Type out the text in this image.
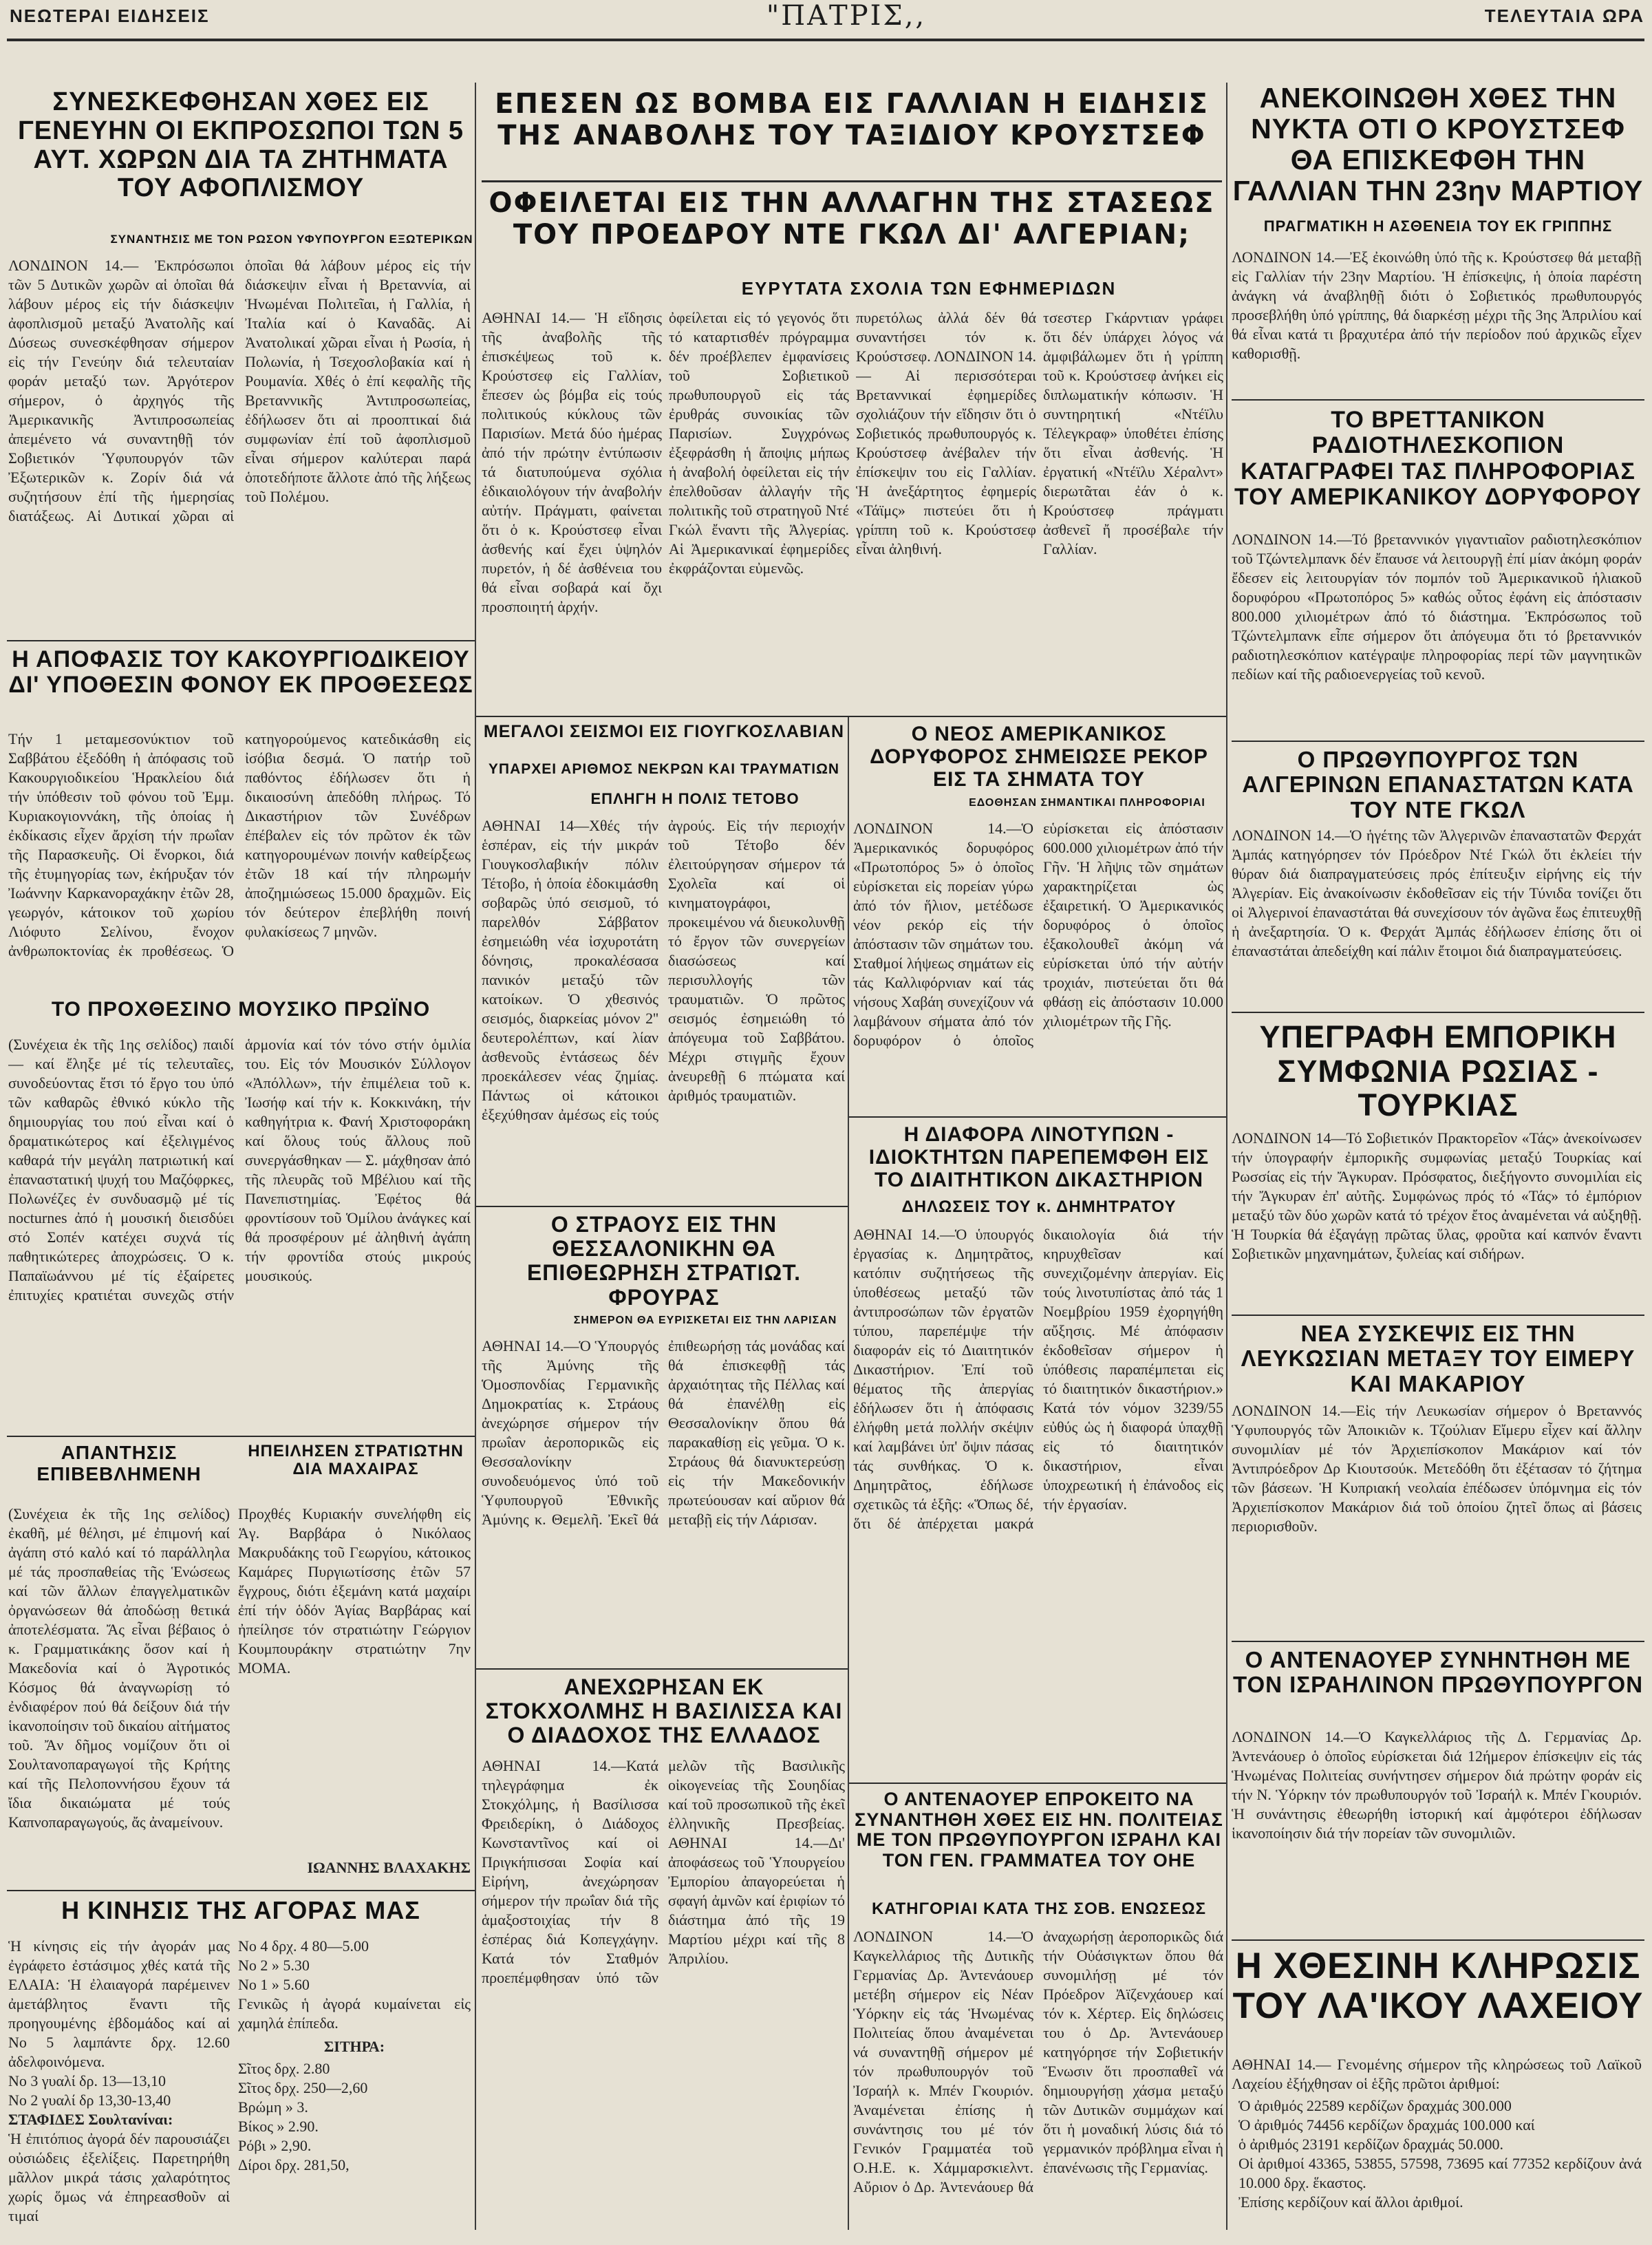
ΝΕΩΤΕΡΑΙ ΕΙΔΗΣΕΙΣ	"ΠΑΤΡΙΣ,,	ΤΕΛΕΥΤΑΙΑ ΩΡΑ
ΣΥΝΕΣΚΕΦΘΗΣΑΝ ΧΘΕΣ ΕΙΣ ΓΕΝΕΥΗΝ ΟΙ ΕΚΠΡΟΣΩΠΟΙ ΤΩΝ 5 ΑΥΤ. ΧΩΡΩΝ ΔΙΑ ΤΑ ΖΗΤΗΜΑΤΑ ΤΟΥ ΑΦΟΠΛΙΣΜΟΥ
ΣΥΝΑΝΤΗΣΙΣ ΜΕ ΤΟΝ ΡΩΣΟΝ ΥΦΥΠΟΥΡΓΟΝ ΕΞΩΤΕΡΙΚΩΝ
ΛΟΝΔΙΝΟΝ 14.— Ἐκπρόσωποι τῶν 5 Δυτικῶν χωρῶν αἱ ὁποῖαι θά λάβουν μέρος εἰς τήν διάσκεψιν ἀφοπλισμοῦ μεταξύ Ἀνατολῆς καί Δύσεως συνεσκέφθησαν σήμερον εἰς τήν Γενεύην διά τελευταίαν φοράν μεταξύ των. Ἀργότερον σήμερον, ὁ ἀρχηγός τῆς Ἀμερικανικῆς Ἀντιπροσωπείας ἀπεμένετο νά συναντηθῇ τόν Σοβιετικόν Ὑφυπουργόν τῶν Ἐξωτερικῶν κ. Ζορίν διά νά συζητήσουν ἐπί τῆς ἡμερησίας διατάξεως. Αἱ Δυτικαί χῶραι αἱ ὁποῖαι θά λάβουν μέρος εἰς τήν διάσκεψιν εἶναι ἡ Βρεταννία, αἱ Ἡνωμέναι Πολιτεῖαι, ἡ Γαλλία, ἡ Ἰταλία καί ὁ Καναδᾶς. Αἱ Ἀνατολικαί χῶραι εἶναι ἡ Ρωσία, ἡ Πολωνία, ἡ Τσεχοσλοβακία καί ἡ Ρουμανία. Χθές ὁ ἐπί κεφαλῆς τῆς Βρεταννικῆς Ἀντιπροσωπείας, ἐδήλωσεν ὅτι αἱ προοπτικαί διά συμφωνίαν ἐπί τοῦ ἀφοπλισμοῦ εἶναι σήμερον καλύτεραι παρά ὁποτεδήποτε ἄλλοτε ἀπό τῆς λήξεως τοῦ Πολέμου.
ΕΠΕΣΕΝ ΩΣ ΒΟΜΒΑ ΕΙΣ ΓΑΛΛΙΑΝ Η ΕΙΔΗΣΙΣ ΤΗΣ ΑΝΑΒΟΛΗΣ ΤΟΥ ΤΑΞΙΔΙΟΥ ΚΡΟΥΣΤΣΕΦ
ΟΦΕΙΛΕΤΑΙ ΕΙΣ ΤΗΝ ΑΛΛΑΓΗΝ ΤΗΣ ΣΤΑΣΕΩΣ ΤΟΥ ΠΡΟΕΔΡΟΥ ΝΤΕ ΓΚΩΛ ΔΙ' ΑΛΓΕΡΙΑΝ;
ΕΥΡΥΤΑΤΑ ΣΧΟΛΙΑ ΤΩΝ ΕΦΗΜΕΡΙΔΩΝ
ΑΘΗΝΑΙ 14.— Ἡ εἴδησις τῆς ἀναβολῆς τῆς ἐπισκέψεως τοῦ κ. Κρούστσεφ εἰς Γαλλίαν, ἔπεσεν ὡς βόμβα εἰς τούς πολιτικούς κύκλους τῶν Παρισίων. Μετά δύο ἡμέρας ἀπό τήν πρώτην ἐντύπωσιν τά διατυπούμενα σχόλια ἐδικαιολόγουν τήν ἀναβολήν αὐτήν. Πράγματι, φαίνεται ὅτι ὁ κ. Κρούστσεφ εἶναι ἀσθενής καί ἔχει ὑψηλόν πυρετόν, ἡ δέ ἀσθένεια του θά εἶναι σοβαρά καί ὄχι προσποιητή ἀρχήν.
ὀφείλεται εἰς τό γεγονός ὅτι τό καταρτισθέν πρόγραμμα δέν προέβλεπεν ἐμφανίσεις τοῦ Σοβιετικοῦ πρωθυπουργοῦ εἰς τάς ἐρυθράς συνοικίας τῶν Παρισίων. Συγχρόνως ἐξεφράσθη ἡ ἄποψις μήπως ἡ ἀναβολή ὀφείλεται εἰς τήν ἐπελθοῦσαν ἀλλαγήν τῆς πολιτικῆς τοῦ στρατηγοῦ Ντέ Γκώλ ἔναντι τῆς Ἀλγερίας. Αἱ Ἀμερικανικαί ἐφημερίδες ἐκφράζονται εὐμενῶς.
πυρετόλως ἀλλά δέν θά συναντήσει τόν κ. Κρούστσεφ. ΛΟΝΔΙΝΟΝ 14.— Αἱ περισσότεραι Βρεταννικαί ἐφημερίδες σχολιάζουν τήν εἴδησιν ὅτι ὁ Σοβιετικός πρωθυπουργός κ. Κρούστσεφ ἀνέβαλεν τήν ἐπίσκεψιν του εἰς Γαλλίαν. Ἡ ἀνεξάρτητος ἐφημερίς «Τάϊμς» πιστεύει ὅτι ἡ γρίππη τοῦ κ. Κρούστσεφ εἶναι ἀληθινή.
τσεστερ Γκάρντιαν γράφει ὅτι δέν ὑπάρχει λόγος νά ἀμφιβάλωμεν ὅτι ἡ γρίππη τοῦ κ. Κρούστσεφ ἀνήκει εἰς διπλωματικήν κόπωσιν. Ἡ συντηρητική «Ντέϊλυ Τέλεγκραφ» ὑποθέτει ἐπίσης ὅτι εἶναι ἀσθενής. Ἡ ἐργατική «Ντέϊλυ Χέραλντ» διερωτᾶται ἐάν ὁ κ. Κρούστσεφ πράγματι ἀσθενεῖ ἤ προσέβαλε τήν Γαλλίαν.
ΑΝΕΚΟΙΝΩΘΗ ΧΘΕΣ ΤΗΝ ΝΥΚΤΑ ΟΤΙ Ο ΚΡΟΥΣΤΣΕΦ ΘΑ ΕΠΙΣΚΕΦΘΗ ΤΗΝ ΓΑΛΛΙΑΝ ΤΗΝ 23ην ΜΑΡΤΙΟΥ
ΠΡΑΓΜΑΤΙΚΗ Η ΑΣΘΕΝΕΙΑ ΤΟΥ ΕΚ ΓΡΙΠΠΗΣ
ΛΟΝΔΙΝΟΝ 14.—Ἐξ ἐκοινώθη ὑπό τῆς κ. Κρούστσεφ θά μεταβῇ εἰς Γαλλίαν τήν 23ην Μαρτίου. Ἡ ἐπίσκεψις, ἡ ὁποία παρέστη ἀνάγκη νά ἀναβληθῇ διότι ὁ Σοβιετικός πρωθυπουργός προσεβλήθη ὑπό γρίππης, θά διαρκέσῃ μέχρι τῆς 3ης Ἀπριλίου καί θά εἶναι κατά τι βραχυτέρα ἀπό τήν περίοδον πού ἀρχικῶς εἶχεν καθορισθῇ.
ΤΟ ΒΡΕΤΤΑΝΙΚΟΝ ΡΑΔΙΟΤΗΛΕΣΚΟΠΙΟΝ ΚΑΤΑΓΡΑΦΕΙ ΤΑΣ ΠΛΗΡΟΦΟΡΙΑΣ ΤΟΥ ΑΜΕΡΙΚΑΝΙΚΟΥ ΔΟΡΥΦΟΡΟΥ
ΛΟΝΔΙΝΟΝ 14.—Τό βρεταννικόν γιγαντιαῖον ραδιοτηλεσκόπιον τοῦ Τζώντελμπανκ δέν ἔπαυσε νά λειτουργῇ ἐπί μίαν ἀκόμη φοράν ἔδεσεν εἰς λειτουργίαν τόν πομπόν τοῦ Ἀμερικανικοῦ ἡλιακοῦ δορυφόρου «Πρωτοπόρος 5» καθώς οὗτος ἐφάνη εἰς ἀπόστασιν 800.000 χιλιομέτρων ἀπό τό διάστημα. Ἐκπρόσωπος τοῦ Τζώντελμπανκ εἶπε σήμερον ὅτι ἀπόγευμα ὅτι τό βρεταννικόν ραδιοτηλεσκόπιον κατέγραψε πληροφορίας περί τῶν μαγνητικῶν πεδίων καί τῆς ραδιοενεργείας τοῦ κενοῦ.
Ο ΠΡΩΘΥΠΟΥΡΓΟΣ ΤΩΝ ΑΛΓΕΡΙΝΩΝ ΕΠΑΝΑΣΤΑΤΩΝ ΚΑΤΑ ΤΟΥ ΝΤΕ ΓΚΩΛ
ΛΟΝΔΙΝΟΝ 14.—Ὁ ἡγέτης τῶν Ἀλγερινῶν ἐπαναστατῶν Φερχάτ Ἀμπάς κατηγόρησεν τόν Πρόεδρον Ντέ Γκώλ ὅτι ἐκλείει τήν θύραν διά διαπραγματεύσεις πρός ἐπίτευξιν εἰρήνης εἰς τήν Ἀλγερίαν. Εἰς ἀνακοίνωσιν ἐκδοθεῖσαν εἰς τήν Τύνιδα τονίζει ὅτι οἱ Ἀλγερινοί ἐπαναστάται θά συνεχίσουν τόν ἀγῶνα ἕως ἐπιτευχθῇ ἡ ἀνεξαρτησία. Ὁ κ. Φερχάτ Ἀμπάς ἐδήλωσεν ἐπίσης ὅτι οἱ ἐπαναστάται ἀπεδείχθη καί πάλιν ἔτοιμοι διά διαπραγματεύσεις.
ΥΠΕΓΡΑΦΗ ΕΜΠΟΡΙΚΗ ΣΥΜΦΩΝΙΑ ΡΩΣΙΑΣ - ΤΟΥΡΚΙΑΣ
ΛΟΝΔΙΝΟΝ 14—Τό Σοβιετικόν Πρακτορεῖον «Τάς» ἀνεκοίνωσεν τήν ὑπογραφήν ἐμπορικῆς συμφωνίας μεταξύ Τουρκίας καί Ρωσσίας εἰς τήν Ἄγκυραν. Πρόσφατος, διεξήγοντο συνομιλίαι εἰς τήν Ἄγκυραν ἐπ' αὐτῆς. Συμφώνως πρός τό «Τάς» τό ἐμπόριον μεταξύ τῶν δύο χωρῶν κατά τό τρέχον ἔτος ἀναμένεται νά αὐξηθῇ. Ἡ Τουρκία θά ἐξαγάγῃ πρῶτας ὕλας, φροῦτα καί καπνόν ἔναντι Σοβιετικῶν μηχανημάτων, ξυλείας καί σιδήρων.
ΝΕΑ ΣΥΣΚΕΨΙΣ ΕΙΣ ΤΗΝ ΛΕΥΚΩΣΙΑΝ ΜΕΤΑΞΥ ΤΟΥ ΕΙΜΕΡΥ ΚΑΙ ΜΑΚΑΡΙΟΥ
ΛΟΝΔΙΝΟΝ 14.—Εἰς τήν Λευκωσίαν σήμερον ὁ Βρεταννός Ὑφυπουργός τῶν Ἀποικιῶν κ. Τζούλιαν Εἴμερυ εἶχεν καί ἄλλην συνομιλίαν μέ τόν Ἀρχιεπίσκοπον Μακάριον καί τόν Ἀντιπρόεδρον Δρ Κιουτσούκ. Μετεδόθη ὅτι ἐξέτασαν τό ζήτημα τῶν βάσεων. Ἡ Κυπριακή νεολαία ἐπέδωσεν ὑπόμνημα εἰς τόν Ἀρχιεπίσκοπον Μακάριον διά τοῦ ὁποίου ζητεῖ ὅπως αἱ βάσεις περιορισθοῦν.
Ο ΑΝΤΕΝΑΟΥΕΡ ΣΥΝΗΝΤΗΘΗ ΜΕ ΤΟΝ ΙΣΡΑΗΛΙΝΟΝ ΠΡΩΘΥΠΟΥΡΓΟΝ
ΛΟΝΔΙΝΟΝ 14.—Ὁ Καγκελλάριος τῆς Δ. Γερμανίας Δρ. Ἀντενάουερ ὁ ὁποῖος εὑρίσκεται διά 12ήμερον ἐπίσκεψιν εἰς τάς Ἡνωμένας Πολιτείας συνήντησεν σήμερον διά πρώτην φοράν εἰς τήν Ν. Ὑόρκην τόν πρωθυπουργόν τοῦ Ἰσραήλ κ. Μπέν Γκουριόν. Ἡ συνάντησις ἐθεωρήθη ἱστορική καί ἀμφότεροι ἐδήλωσαν ἱκανοποίησιν διά τήν πορείαν τῶν συνομιλιῶν.
Η ΧΘΕΣΙΝΗ ΚΛΗΡΩΣΙΣ ΤΟΥ ΛΑ'ΙΚΟΥ ΛΑΧΕΙΟΥ
ΑΘΗΝΑΙ 14.— Γενομένης σήμερον τῆς κληρώσεως τοῦ Λαϊκοῦ Λαχείου ἐξήχθησαν οἱ ἑξῆς πρῶτοι ἀριθμοί:
Ὁ ἀριθμός 22589 κερδίζων δραχμάς 300.000
Ὁ ἀριθμός 74456 κερδίζων δραχμάς 100.000 καί
ὁ ἀριθμός 23191 κερδίζων δραχμάς 50.000.
Οἱ ἀριθμοί 43365, 53855, 57598, 73695 καί 77352 κερδίζουν ἀνά 10.000 δρχ. ἕκαστος.
Ἐπίσης κερδίζουν καί ἄλλοι ἀριθμοί.
Η ΑΠΟΦΑΣΙΣ ΤΟΥ ΚΑΚΟΥΡΓΙΟΔΙΚΕΙΟΥ ΔΙ' ΥΠΟΘΕΣΙΝ ΦΟΝΟΥ ΕΚ ΠΡΟΘΕΣΕΩΣ
Τήν 1 μεταμεσονύκτιον τοῦ Σαββάτου ἐξεδόθη ἡ ἀπόφασις τοῦ Κακουργιοδικείου Ἡρακλείου διά τήν ὑπόθεσιν τοῦ φόνου τοῦ Ἐμμ. Κυριακογιοννάκη, τῆς ὁποίας ἡ ἐκδίκασις εἶχεν ἄρχίση τήν πρωΐαν τῆς Παρασκευῆς. Οἱ ἔνορκοι, διά τῆς ἐτυμηγορίας των, ἐκήρυξαν τόν Ἰωάννην Καρκανοραχάκην ἐτῶν 28, γεωργόν, κάτοικον τοῦ χωρίου Λιόφυτο Σελίνου, ἔνοχον ἀνθρωποκτονίας ἐκ προθέσεως. Ὁ κατηγορούμενος κατεδικάσθη εἰς ἰσόβια δεσμά. Ὁ πατήρ τοῦ παθόντος ἐδήλωσεν ὅτι ἡ δικαιοσύνη ἀπεδόθη πλήρως. Τό Δικαστήριον τῶν Συνέδρων ἐπέβαλεν εἰς τόν πρῶτον ἐκ τῶν κατηγορουμένων ποινήν καθείρξεως ἐτῶν 18 καί τήν πληρωμήν ἀποζημιώσεως 15.000 δραχμῶν. Εἰς τόν δεύτερον ἐπεβλήθη ποινή φυλακίσεως 7 μηνῶν.
ΤΟ ΠΡΟΧΘΕΣΙΝΟ ΜΟΥΣΙΚΟ ΠΡΩΪΝΟ
(Συνέχεια ἐκ τῆς 1ης σελίδος) παιδί — καί ἔληξε μέ τίς τελευταῖες, συνοδεύοντας ἔτσι τό ἔργο του ὑπό τῶν καθαρῶς ἐθνικό κύκλο τῆς δημιουργίας του πού εἶναι καί ὁ δραματικώτερος καί ἐξελιγμένος καθαρά τήν μεγάλη πατριωτική καί ἐπαναστατική ψυχή του Μαζόφρκες, Πολωνέζες ἐν συνδυασμῷ μέ τίς nocturnes ἀπό ἡ μουσική διεισδύει στό Σοπέν κατέχει συχνά τίς παθητικώτερες ἀποχρώσεις. Ὁ κ. Παπαϊωάννου μέ τίς ἐξαίρετες ἐπιτυχίες κρατιέται συνεχῶς στήν ἁρμονία καί τόν τόνο στήν ὁμιλία του. Εἰς τόν Μουσικόν Σύλλογον «Ἀπόλλων», τήν ἐπιμέλεια τοῦ κ. Ἰωσήφ καί τήν κ. Κοκκινάκη, τήν καθηγήτρια κ. Φανή Χριστοφοράκη καί ὅλους τούς ἄλλους ποῦ συνεργάσθηκαν — Σ. μάχθησαν ἀπό τῆς πλευρᾶς τοῦ Μβέλιου καί τῆς Πανεπιστημίας. Ἐφέτος θά φροντίσουν τοῦ Ὁμίλου ἀνάγκες καί θά προσφέρουν μέ ἀληθινή ἀγάπη τήν φροντίδα στούς μικρούς μουσικούς.
ΑΠΑΝΤΗΣΙΣ ΕΠΙΒΕΒΛΗΜΕΝΗ
(Συνέχεια ἐκ τῆς 1ης σελίδος) ἐκαθῆ, μέ θέλησι, μέ ἐπιμονή καί ἀγάπη στό καλό καί τό παράλληλα μέ τάς προσπαθείας τῆς Ἑνώσεως καί τῶν ἄλλων ἐπαγγελματικῶν ὀργανώσεων θά ἀποδώσῃ θετικά ἀποτελέσματα. Ἄς εἶναι βέβαιος ὁ κ. Γραμματικάκης ὅσον καί ἡ Μακεδονία καί ὁ Ἀγροτικός Κόσμος θά ἀναγνωρίσῃ τό ἐνδιαφέρον πού θά δείξουν διά τήν ἱκανοποίησιν τοῦ δικαίου αἰτήματος τοῦ. Ἄν δῆμος νομίζουν ὅτι οἱ Σουλτανοπαραγωγοί τῆς Κρήτης καί τῆς Πελοποννήσου ἔχουν τά ἴδια δικαιώματα μέ τούς Καπνοπαραγωγούς, ἄς ἀναμείνουν.
ΗΠΕΙΛΗΣΕΝ ΣΤΡΑΤΙΩΤΗΝ ΔΙΑ ΜΑΧΑΙΡΑΣ
Προχθές Κυριακήν συνελήφθη εἰς Ἁγ. Βαρβάρα ὁ Νικόλαος Μακρυδάκης τοῦ Γεωργίου, κάτοικος Καμάρες Πυργιωτίσσης ἐτῶν 57 ἔγχρους, διότι ἐξεμάνη κατά μαχαίρι ἐπί τήν ὁδόν Ἁγίας Βαρβάρας καί ἠπείλησε τόν στρατιώτην Γεώργιον Κουμπουράκην στρατιώτην 7ην ΜΟΜΑ.
ΙΩΑΝΝΗΣ ΒΛΑΧΑΚΗΣ
Η ΚΙΝΗΣΙΣ ΤΗΣ ΑΓΟΡΑΣ ΜΑΣ
Ἡ κίνησις εἰς τήν ἀγοράν μας ἐγράφετο ἐστάσιμος χθές κατά τῆς
ΕΛΑΙΑ: Ἡ ἐλαιαγορά παρέμεινεν ἀμετάβλητος ἔναντι τῆς προηγουμένης ἑβδομάδος καί αἱ
Νο 5 λαμπάντε δρχ. 12.60 ἀδελφοινόμενα.
Νο 3 γυαλί δρ. 13—13,10
Νο 2 γυαλί δρ 13,30-13,40
ΣΤΑΦΙΔΕΣ Σουλτανίναι:
Ἡ ἐπιτόπιος ἀγορά δέν παρουσιάζει οὐσιώδεις ἐξελίξεις. Παρετηρήθη μᾶλλον μικρά τάσις χαλαρότητος χωρίς ὅμως νά ἐπηρεασθοῦν αἱ τιμαί
Νο 4 δρχ. 4 80—5.00
Νο 2 » 5.30
Νο 1 » 5.60
Γενικῶς ἡ ἀγορά κυμαίνεται εἰς χαμηλά ἐπίπεδα.
ΣΙΤΗΡΑ:
Σῖτος δρχ. 2.80
Σῖτος δρχ. 250—2,60
Βρώμη » 3.
Βίκος » 2.90.
Ρόβι » 2,90.
Δίροι δρχ. 281,50,
ΜΕΓΑΛΟΙ ΣΕΙΣΜΟΙ ΕΙΣ ΓΙΟΥΓΚΟΣΛΑΒΙΑΝ
ΥΠΑΡΧΕΙ ΑΡΙΘΜΟΣ ΝΕΚΡΩΝ ΚΑΙ ΤΡΑΥΜΑΤΙΩΝ
ΕΠΛΗΓΗ Η ΠΟΛΙΣ ΤΕΤΟΒΟ
ΑΘΗΝΑΙ 14—Χθές τήν ἑσπέραν, εἰς τήν μικράν Γιουγκοσλαβικήν πόλιν Τέτοβο, ἡ ὁποία ἐδοκιμάσθη σοβαρῶς ὑπό σεισμοῦ, τό παρελθόν Σάββατον ἐσημειώθη νέα ἰσχυροτάτη δόνησις, προκαλέσασα πανικόν μεταξύ τῶν κατοίκων. Ὁ χθεσινός σεισμός, διαρκείας μόνον 2'' δευτερολέπτων, καί λίαν ἀσθενοῦς ἐντάσεως δέν προεκάλεσεν νέας ζημίας. Πάντως οἱ κάτοικοι ἐξεχύθησαν ἀμέσως εἰς τούς ἀγρούς. Εἰς τήν περιοχήν τοῦ Τέτοβο δέν ἐλειτούργησαν σήμερον τά Σχολεῖα καί οἱ κινηματογράφοι, προκειμένου νά διευκολυνθῇ τό ἔργον τῶν συνεργείων διασώσεως καί περισυλλογής τῶν τραυματιῶν. Ὁ πρῶτος σεισμός ἐσημειώθη τό ἀπόγευμα τοῦ Σαββάτου. Μέχρι στιγμῆς ἔχουν ἀνευρεθῇ 6 πτώματα καί ἀριθμός τραυματιῶν.
Ο ΣΤΡΑΟΥΣ ΕΙΣ ΤΗΝ ΘΕΣΣΑΛΟΝΙΚΗΝ ΘΑ ΕΠΙΘΕΩΡΗΣΗ ΣΤΡΑΤΙΩΤ. ΦΡΟΥΡΑΣ
ΣΗΜΕΡΟΝ ΘΑ ΕΥΡΙΣΚΕΤΑΙ ΕΙΣ ΤΗΝ ΛΑΡΙΣΑΝ
ΑΘΗΝΑΙ 14.—Ὁ Ὑπουργός τῆς Ἀμύνης τῆς Ὁμοσπονδίας Γερμανικῆς Δημοκρατίας κ. Στράους ἀνεχώρησε σήμερον τήν πρωΐαν ἀεροπορικῶς εἰς Θεσσαλονίκην συνοδευόμενος ὑπό τοῦ Ὑφυπουργοῦ Ἐθνικῆς Ἀμύνης κ. Θεμελῆ. Ἐκεῖ θά ἐπιθεωρήσῃ τάς μονάδας καί θά ἐπισκεφθῇ τάς ἀρχαιότητας τῆς Πέλλας καί θά ἐπανέλθῃ εἰς Θεσσαλονίκην ὅπου θά παρακαθίσῃ εἰς γεῦμα. Ὁ κ. Στράους θά διανυκτερεύσῃ εἰς τήν Μακεδονικήν πρωτεύουσαν καί αὔριον θά μεταβῇ εἰς τήν Λάρισαν.
ΑΝΕΧΩΡΗΣΑΝ ΕΚ ΣΤΟΚΧΟΛΜΗΣ Η ΒΑΣΙΛΙΣΣΑ ΚΑΙ Ο ΔΙΑΔΟΧΟΣ ΤΗΣ ΕΛΛΑΔΟΣ
ΑΘΗΝΑΙ 14.—Κατά τηλεγράφημα ἐκ Στοκχόλμης, ἡ Βασίλισσα Φρειδερίκη, ὁ Διάδοχος Κωνσταντῖνος καί οἱ Πριγκήπισσαι Σοφία καί Εἰρήνη, ἀνεχώρησαν σήμερον τήν πρωΐαν διά τῆς ἁμαξοστοιχίας τήν 8 ἐσπέρας διά Κοπεγχάγην. Κατά τόν Σταθμόν προεπέμφθησαν ὑπό τῶν μελῶν τῆς Βασιλικῆς οἰκογενείας τῆς Σουηδίας καί τοῦ προσωπικοῦ τῆς ἐκεῖ ἑλληνικῆς Πρεσβείας. ΑΘΗΝΑΙ 14.—Δι' ἀποφάσεως τοῦ Ὑπουργείου Ἐμπορίου ἀπαγορεύεται ἡ σφαγή ἀμνῶν καί ἐριφίων τό διάστημα ἀπό τῆς 19 Μαρτίου μέχρι καί τῆς 8 Ἀπριλίου.
Ο ΝΕΟΣ ΑΜΕΡΙΚΑΝΙΚΟΣ ΔΟΡΥΦΟΡΟΣ ΣΗΜΕΙΩΣΕ ΡΕΚΟΡ ΕΙΣ ΤΑ ΣΗΜΑΤΑ ΤΟΥ
ΕΔΟΘΗΣΑΝ ΣΗΜΑΝΤΙΚΑΙ ΠΛΗΡΟΦΟΡΙΑΙ
ΛΟΝΔΙΝΟΝ 14.—Ὁ Ἀμερικανικός δορυφόρος «Πρωτοπόρος 5» ὁ ὁποῖος εὑρίσκεται εἰς πορείαν γύρω ἀπό τόν ἥλιον, μετέδωσε νέον ρεκόρ εἰς τήν ἀπόστασιν τῶν σημάτων του. Σταθμοί λήψεως σημάτων εἰς τάς Καλλιφόρνιαν καί τάς νήσους Χαβάη συνεχίζουν νά λαμβάνουν σήματα ἀπό τόν δορυφόρον ὁ ὁποῖος εὑρίσκεται εἰς ἀπόστασιν 600.000 χιλιομέτρων ἀπό τήν Γῆν. Ἡ λῆψις τῶν σημάτων χαρακτηρίζεται ὡς ἐξαιρετική. Ὁ Ἀμερικανικός δορυφόρος ὁ ὁποῖος ἐξακολουθεῖ ἀκόμη νά εὑρίσκεται ὑπό τήν αὐτήν τροχιάν, πιστεύεται ὅτι θά φθάσῃ εἰς ἀπόστασιν 10.000 χιλιομέτρων τῆς Γῆς.
Η ΔΙΑΦΟΡΑ ΛΙΝΟΤΥΠΩΝ - ΙΔΙΟΚΤΗΤΩΝ ΠΑΡΕΠΕΜΦΘΗ ΕΙΣ ΤΟ ΔΙΑΙΤΗΤΙΚΟΝ ΔΙΚΑΣΤΗΡΙΟΝ
ΔΗΛΩΣΕΙΣ ΤΟΥ κ. ΔΗΜΗΤΡΑΤΟΥ
ΑΘΗΝΑΙ 14.—Ὁ ὑπουργός ἐργασίας κ. Δημητρᾶτος, κατόπιν συζητήσεως τῆς ὑποθέσεως μεταξύ τῶν ἀντιπροσώπων τῶν ἐργατῶν τύπου, παρεπέμψε τήν διαφοράν εἰς τό Διαιτητικόν Δικαστήριον. Ἐπί τοῦ θέματος τῆς ἀπεργίας ἐδήλωσεν ὅτι ἡ ἀπόφασις ἐλήφθη μετά πολλήν σκέψιν καί λαμβάνει ὑπ' ὄψιν πάσας τάς συνθήκας. Ὁ κ. Δημητρᾶτος, ἐδήλωσε σχετικῶς τά ἑξῆς: «Ὅπως δέ, ὅτι δέ ἀπέρχεται μακρά δικαιολογία διά τήν κηρυχθεῖσαν καί συνεχιζομένην ἀπεργίαν. Εἰς τούς λινοτυπίστας ἀπό τάς 1 Νοεμβρίου 1959 ἐχορηγήθη αὔξησις. Μέ ἀπόφασιν ἐκδοθεῖσαν σήμερον ἡ ὑπόθεσις παραπέμπεται εἰς τό διαιτητικόν δικαστήριον.» Κατά τόν νόμον 3239/55 εὐθύς ὡς ἡ διαφορά ὑπαχθῇ εἰς τό διαιτητικόν δικαστήριον, εἶναι ὑποχρεωτική ἡ ἐπάνοδος εἰς τήν ἐργασίαν.
Ο ΑΝΤΕΝΑΟΥΕΡ ΕΠΡΟΚΕΙΤΟ ΝΑ ΣΥΝΑΝΤΗΘΗ ΧΘΕΣ ΕΙΣ ΗΝ. ΠΟΛΙΤΕΙΑΣ ΜΕ ΤΟΝ ΠΡΩΘΥΠΟΥΡΓΟΝ ΙΣΡΑΗΛ ΚΑΙ ΤΟΝ ΓΕΝ. ΓΡΑΜΜΑΤΕΑ ΤΟΥ ΟΗΕ
ΚΑΤΗΓΟΡΙΑΙ ΚΑΤΑ ΤΗΣ ΣΟΒ. ΕΝΩΣΕΩΣ
ΛΟΝΔΙΝΟΝ 14.—Ὁ Καγκελλάριος τῆς Δυτικῆς Γερμανίας Δρ. Ἀντενάουερ μετέβη σήμερον εἰς Νέαν Ὑόρκην εἰς τάς Ἡνωμένας Πολιτείας ὅπου ἀναμένεται νά συναντηθῇ σήμερον μέ τόν πρωθυπουργόν τοῦ Ἰσραήλ κ. Μπέν Γκουριόν. Ἀναμένεται ἐπίσης ἡ συνάντησις του μέ τόν Γενικόν Γραμματέα τοῦ Ο.Η.Ε. κ. Χάμμαρσκιελντ. Αὔριον ὁ Δρ. Ἀντενάουερ θά ἀναχωρήσῃ ἀεροπορικῶς διά τήν Οὐάσιγκτων ὅπου θά συνομιλήσῃ μέ τόν Πρόεδρον Ἀϊζενχάουερ καί τόν κ. Χέρτερ. Εἰς δηλώσεις του ὁ Δρ. Ἀντενάουερ κατηγόρησε τήν Σοβιετικήν Ἕνωσιν ὅτι προσπαθεῖ νά δημιουργήσῃ χάσμα μεταξύ τῶν Δυτικῶν συμμάχων καί ὅτι ἡ μοναδική λύσις διά τό γερμανικόν πρόβλημα εἶναι ἡ ἐπανένωσις τῆς Γερμανίας.
